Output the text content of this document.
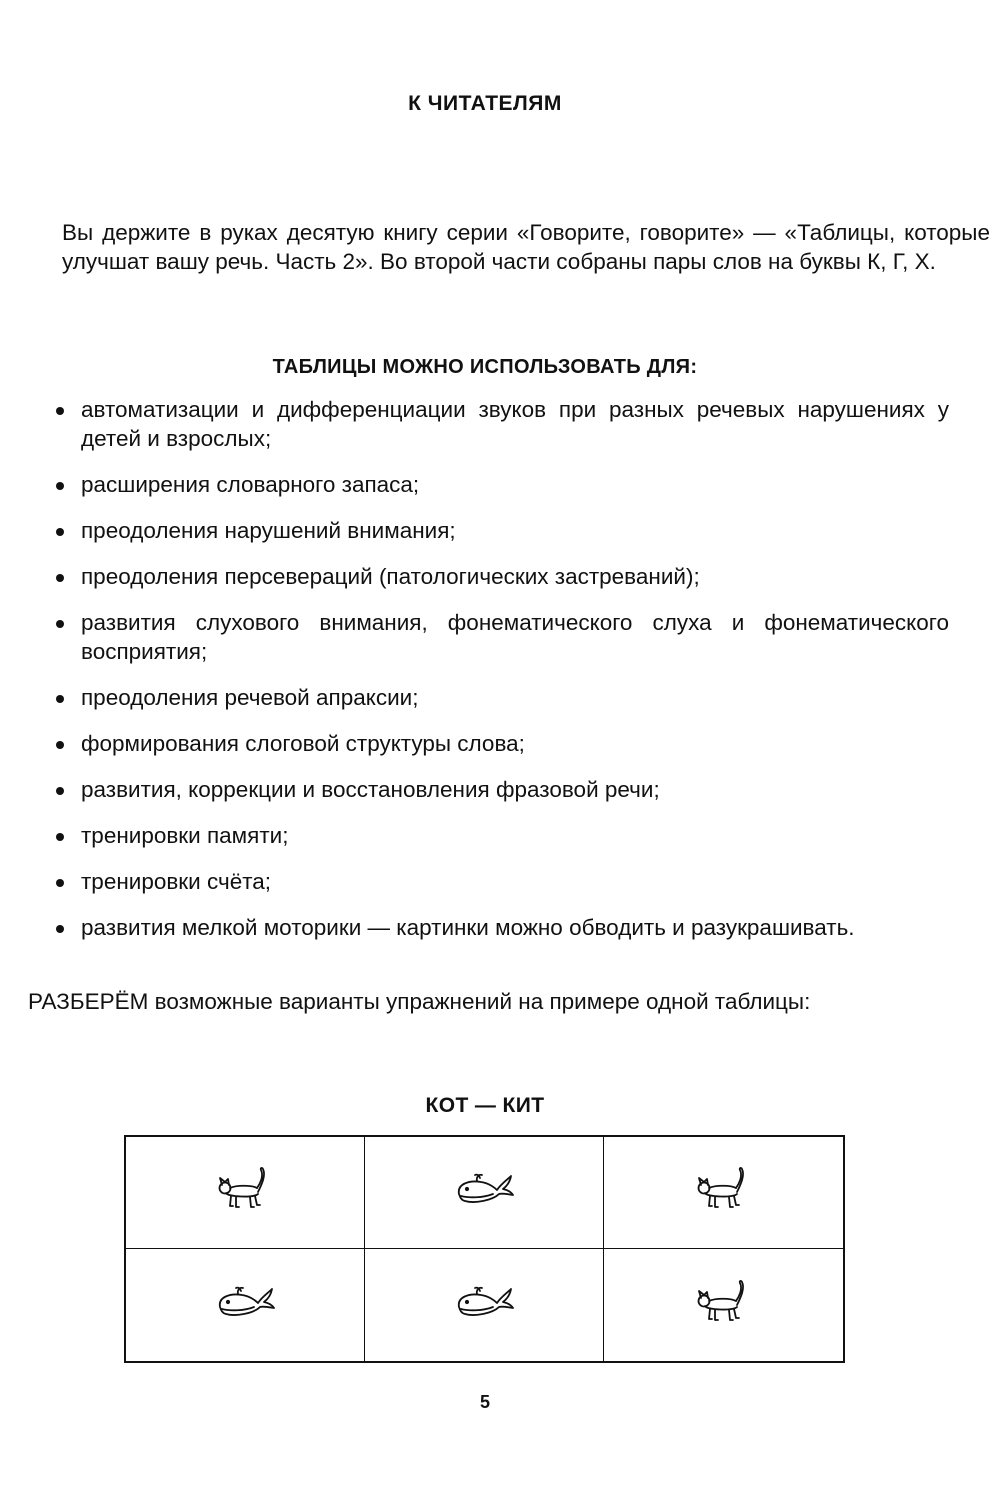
К ЧИТАТЕЛЯМ
Вы держите в руках десятую книгу серии «Говорите, говорите» — «Таблицы, которые улучшат вашу речь. Часть 2». Во второй части собраны пары слов на буквы К, Г, Х.
ТАБЛИЦЫ МОЖНО ИСПОЛЬЗОВАТЬ ДЛЯ:
автоматизации и дифференциации звуков при разных речевых нарушениях у детей и взрослых;
расширения словарного запаса;
преодоления нарушений внимания;
преодоления персевераций (патологических застреваний);
развития слухового внимания, фонематического слуха и фонематического восприятия;
преодоления речевой апраксии;
формирования слоговой структуры слова;
развития, коррекции и восстановления фразовой речи;
тренировки памяти;
тренировки счёта;
развития мелкой моторики — картинки можно обводить и разукрашивать.
РАЗБЕРЁМ возможные варианты упражнений на примере одной таблицы:
КОТ — КИТ
5
